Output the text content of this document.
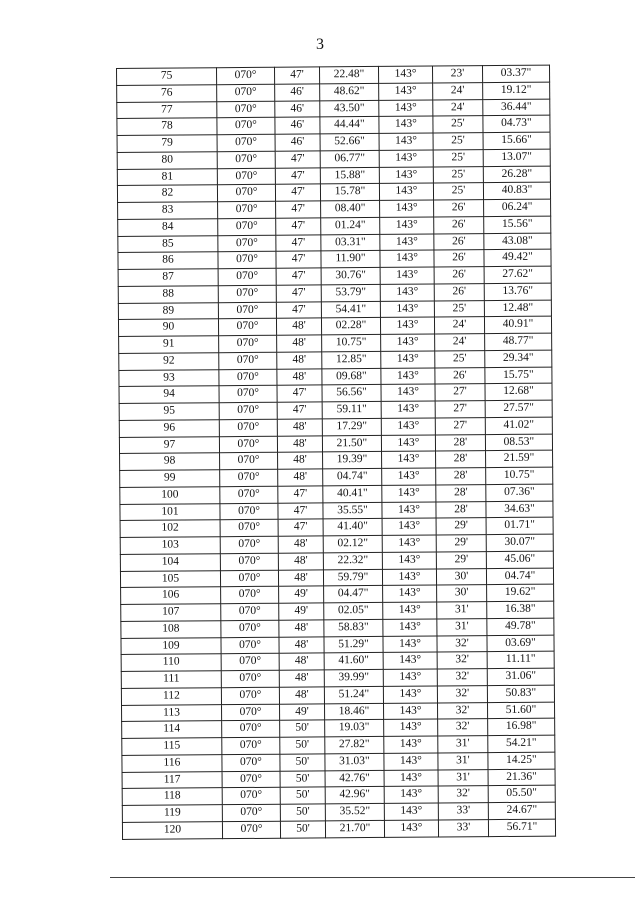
3
75	070°	47'	22.48"	143°	23'	03.37"
76	070°	46'	48.62"	143°	24'	19.12"
77	070°	46'	43.50"	143°	24'	36.44"
78	070°	46'	44.44"	143°	25'	04.73"
79	070°	46'	52.66"	143°	25'	15.66"
80	070°	47'	06.77"	143°	25'	13.07"
81	070°	47'	15.88"	143°	25'	26.28"
82	070°	47'	15.78"	143°	25'	40.83"
83	070°	47'	08.40"	143°	26'	06.24"
84	070°	47'	01.24"	143°	26'	15.56"
85	070°	47'	03.31"	143°	26'	43.08"
86	070°	47'	11.90"	143°	26'	49.42"
87	070°	47'	30.76"	143°	26'	27.62"
88	070°	47'	53.79"	143°	26'	13.76"
89	070°	47'	54.41"	143°	25'	12.48"
90	070°	48'	02.28"	143°	24'	40.91"
91	070°	48'	10.75"	143°	24'	48.77"
92	070°	48'	12.85"	143°	25'	29.34"
93	070°	48'	09.68"	143°	26'	15.75"
94	070°	47'	56.56"	143°	27'	12.68"
95	070°	47'	59.11"	143°	27'	27.57"
96	070°	48'	17.29"	143°	27'	41.02"
97	070°	48'	21.50"	143°	28'	08.53"
98	070°	48'	19.39"	143°	28'	21.59"
99	070°	48'	04.74"	143°	28'	10.75"
100	070°	47'	40.41"	143°	28'	07.36"
101	070°	47'	35.55"	143°	28'	34.63"
102	070°	47'	41.40"	143°	29'	01.71"
103	070°	48'	02.12"	143°	29'	30.07"
104	070°	48'	22.32"	143°	29'	45.06"
105	070°	48'	59.79"	143°	30'	04.74"
106	070°	49'	04.47"	143°	30'	19.62"
107	070°	49'	02.05"	143°	31'	16.38"
108	070°	48'	58.83"	143°	31'	49.78"
109	070°	48'	51.29"	143°	32'	03.69"
110	070°	48'	41.60"	143°	32'	11.11"
111	070°	48'	39.99"	143°	32'	31.06"
112	070°	48'	51.24"	143°	32'	50.83"
113	070°	49'	18.46"	143°	32'	51.60"
114	070°	50'	19.03"	143°	32'	16.98"
115	070°	50'	27.82"	143°	31'	54.21"
116	070°	50'	31.03"	143°	31'	14.25"
117	070°	50'	42.76"	143°	31'	21.36"
118	070°	50'	42.96"	143°	32'	05.50"
119	070°	50'	35.52"	143°	33'	24.67"
120	070°	50'	21.70"	143°	33'	56.71"
